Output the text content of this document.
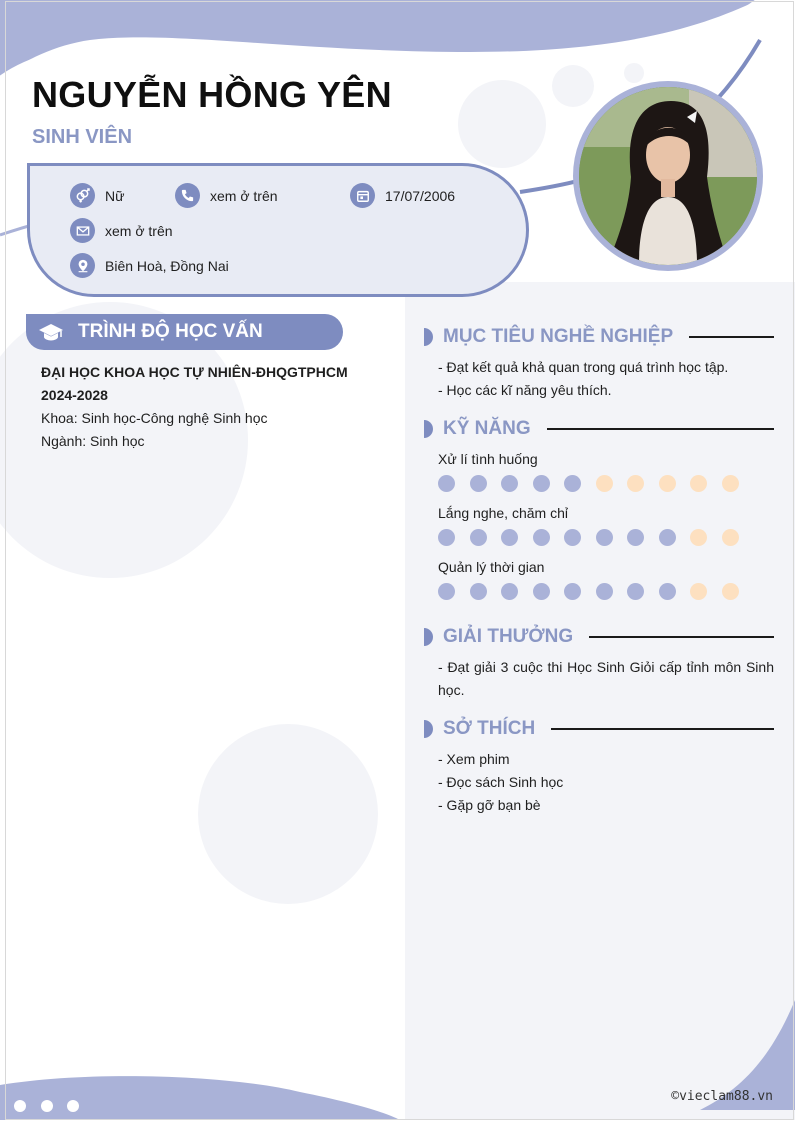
NGUYỄN HỒNG YÊN
SINH VIÊN
Nữ	xem ở trên	17/07/2006
xem ở trên
Biên Hoà, Đồng Nai
TRÌNH ĐỘ HỌC VẤN
ĐẠI HỌC KHOA HỌC TỰ NHIÊN-ĐHQGTPHCM
2024-2028
Khoa: Sinh học-Công nghệ Sinh học
Ngành: Sinh học
MỤC TIÊU NGHỀ NGHIỆP
- Đạt kết quả khả quan trong quá trình học tập.
- Học các kĩ năng yêu thích.
KỸ NĂNG
Xử lí tình huống
Lắng nghe, chăm chỉ
Quản lý thời gian
GIẢI THƯỞNG
- Đạt giải 3 cuộc thi Học Sinh Giỏi cấp tỉnh môn Sinh học.
SỞ THÍCH
- Xem phim
- Đọc sách Sinh học
- Gặp gỡ bạn bè
©vieclam88.vn
